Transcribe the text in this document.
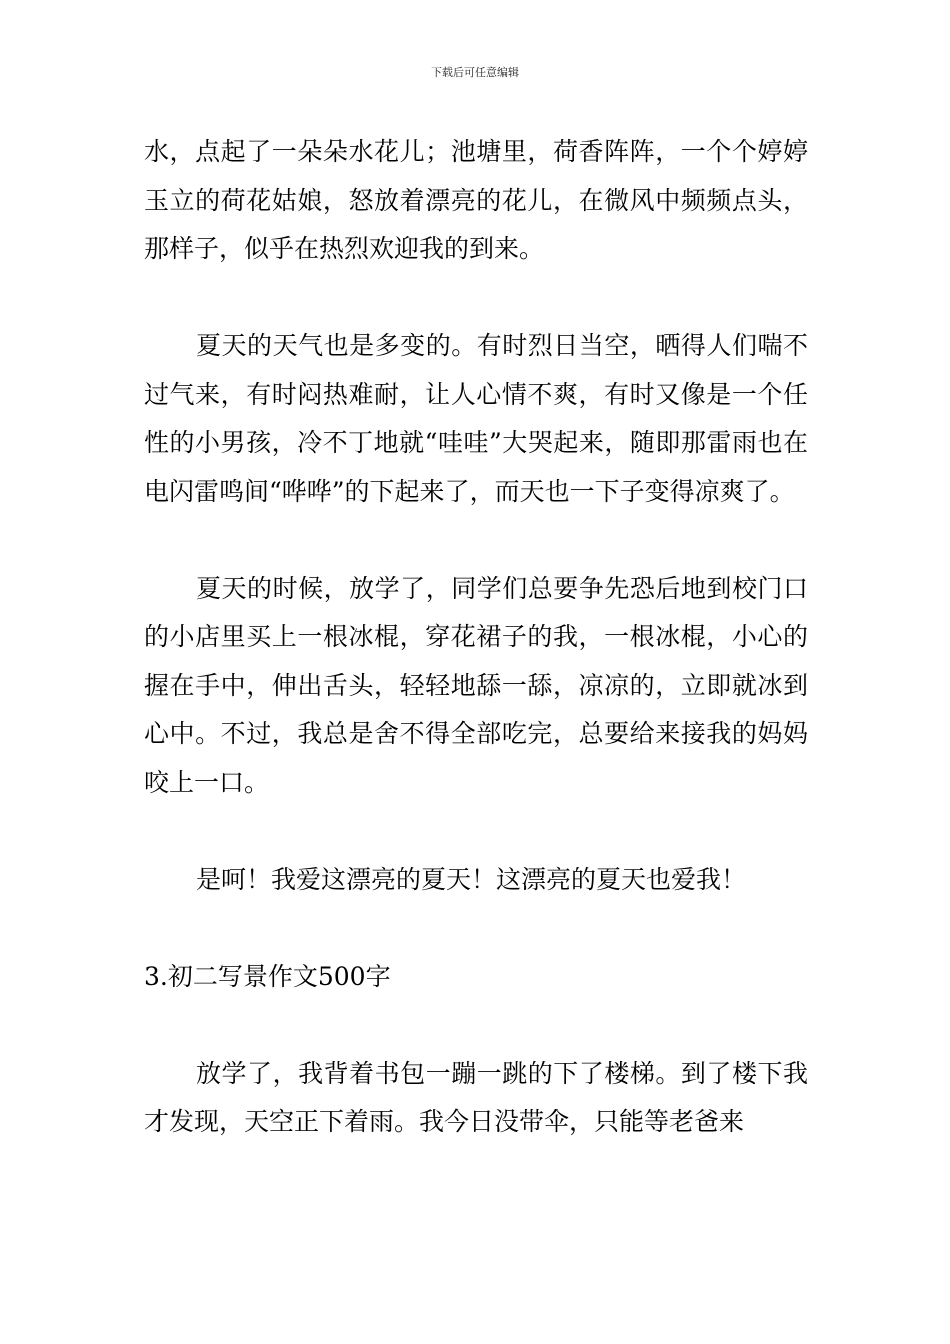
下载后可任意编辑

水，点起了一朵朵水花儿；池塘里，荷香阵阵，一个个婷婷玉立的荷花姑娘，怒放着漂亮的花儿，在微风中频频点头，那样子，似乎在热烈欢迎我的到来。

夏天的天气也是多变的。有时烈日当空，晒得人们喘不过气来，有时闷热难耐，让人心情不爽，有时又像是一个任性的小男孩，冷不丁地就“哇哇”大哭起来，随即那雷雨也在电闪雷鸣间“哗哗”的下起来了，而天也一下子变得凉爽了。

夏天的时候，放学了，同学们总要争先恐后地到校门口的小店里买上一根冰棍，穿花裙子的我，一根冰棍，小心的握在手中，伸出舌头，轻轻地舔一舔，凉凉的，立即就冰到心中。不过，我总是舍不得全部吃完，总要给来接我的妈妈咬上一口。

是呵！我爱这漂亮的夏天！这漂亮的夏天也爱我！

3.初二写景作文500字

放学了，我背着书包一蹦一跳的下了楼梯。到了楼下我才发现，天空正下着雨。我今日没带伞，只能等老爸来
